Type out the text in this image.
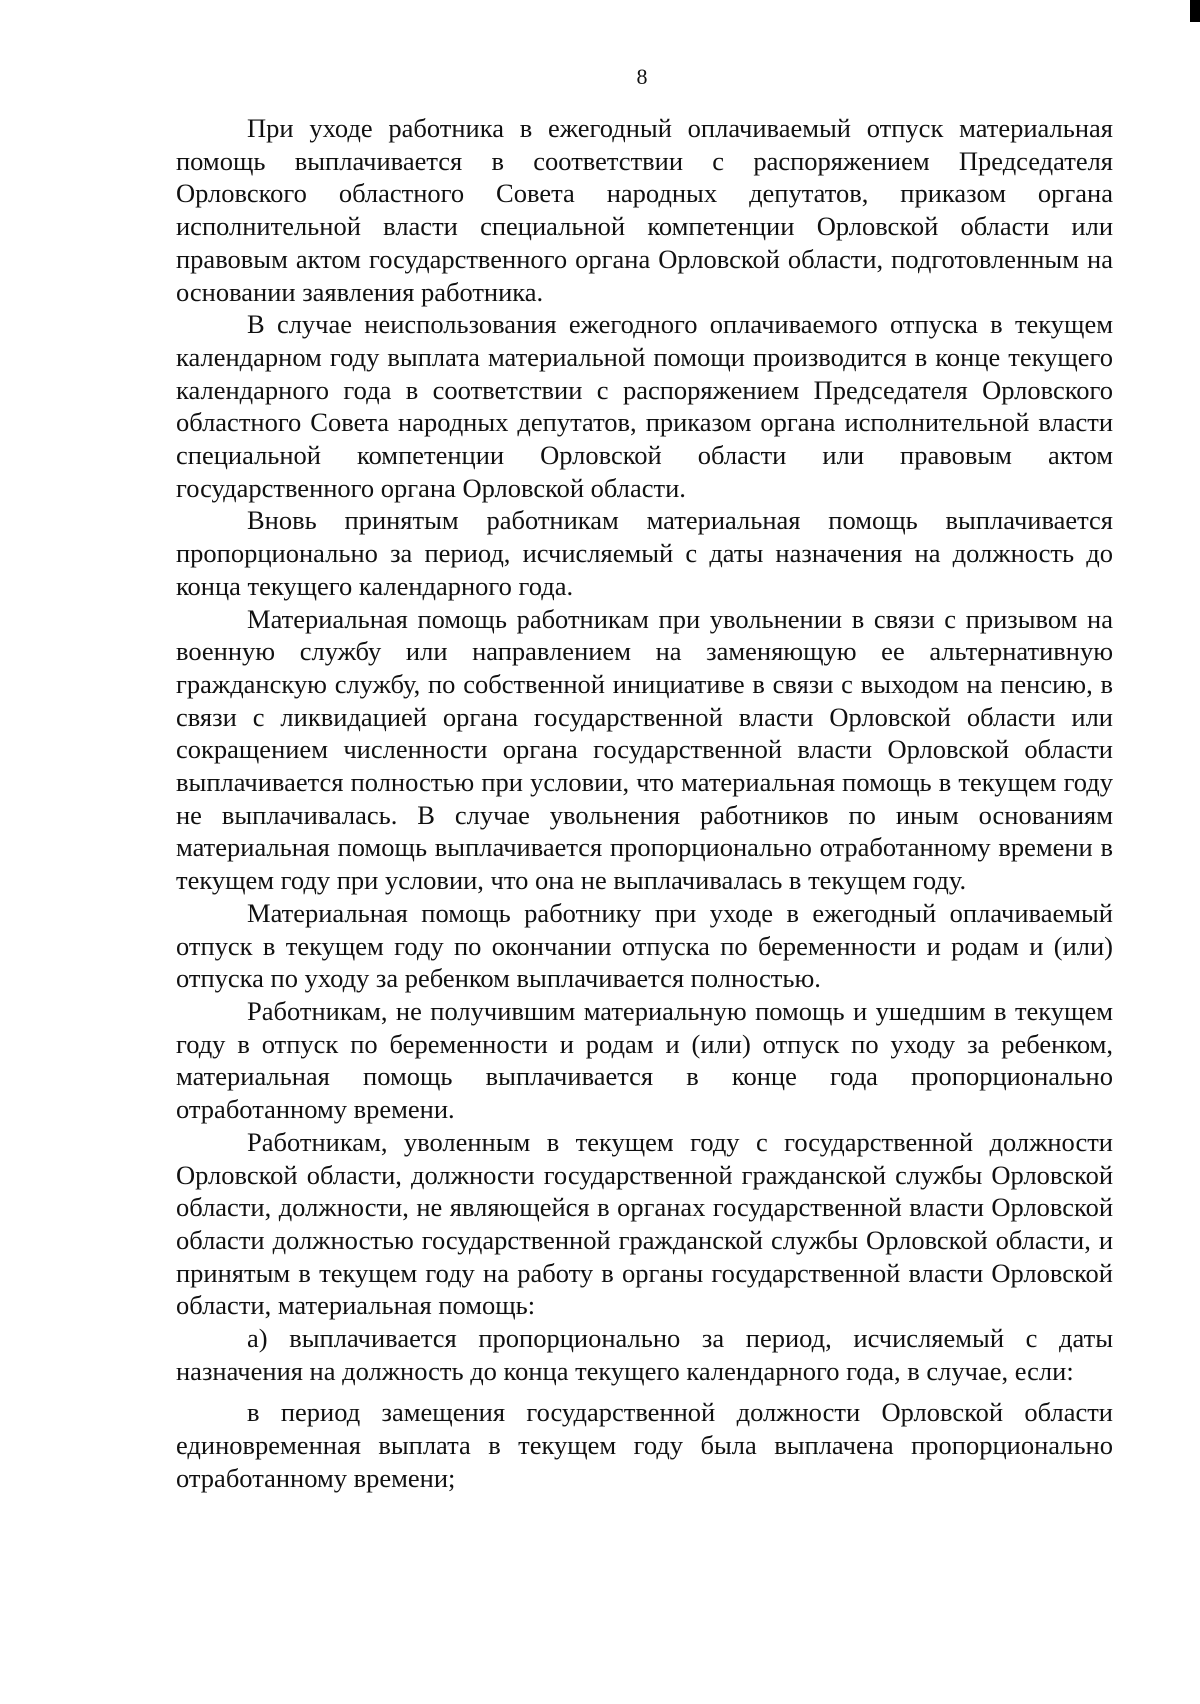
8

При уходе работника в ежегодный оплачиваемый отпуск материальная помощь выплачивается в соответствии с распоряжением Председателя Орловского областного Совета народных депутатов, приказом органа исполнительной власти специальной компетенции Орловской области или правовым актом государственного органа Орловской области, подготовленным на основании заявления работника.

В случае неиспользования ежегодного оплачиваемого отпуска в текущем календарном году выплата материальной помощи производится в конце текущего календарного года в соответствии с распоряжением Председателя Орловского областного Совета народных депутатов, приказом органа исполнительной власти специальной компетенции Орловской области или правовым актом государственного органа Орловской области.

Вновь принятым работникам материальная помощь выплачивается пропорционально за период, исчисляемый с даты назначения на должность до конца текущего календарного года.

Материальная помощь работникам при увольнении в связи с призывом на военную службу или направлением на заменяющую ее альтернативную гражданскую службу, по собственной инициативе в связи с выходом на пенсию, в связи с ликвидацией органа государственной власти Орловской области или сокращением численности органа государственной власти Орловской области выплачивается полностью при условии, что материальная помощь в текущем году не выплачивалась. В случае увольнения работников по иным основаниям материальная помощь выплачивается пропорционально отработанному времени в текущем году при условии, что она не выплачивалась в текущем году.

Материальная помощь работнику при уходе в ежегодный оплачиваемый отпуск в текущем году по окончании отпуска по беременности и родам и (или) отпуска по уходу за ребенком выплачивается полностью.

Работникам, не получившим материальную помощь и ушедшим в текущем году в отпуск по беременности и родам и (или) отпуск по уходу за ребенком, материальная помощь выплачивается в конце года пропорционально отработанному времени.

Работникам, уволенным в текущем году с государственной должности Орловской области, должности государственной гражданской службы Орловской области, должности, не являющейся в органах государственной власти Орловской области должностью государственной гражданской службы Орловской области, и принятым в текущем году на работу в органы государственной власти Орловской области, материальная помощь:

а) выплачивается пропорционально за период, исчисляемый с даты назначения на должность до конца текущего календарного года, в случае, если:

в период замещения государственной должности Орловской области единовременная выплата в текущем году была выплачена пропорционально отработанному времени;
